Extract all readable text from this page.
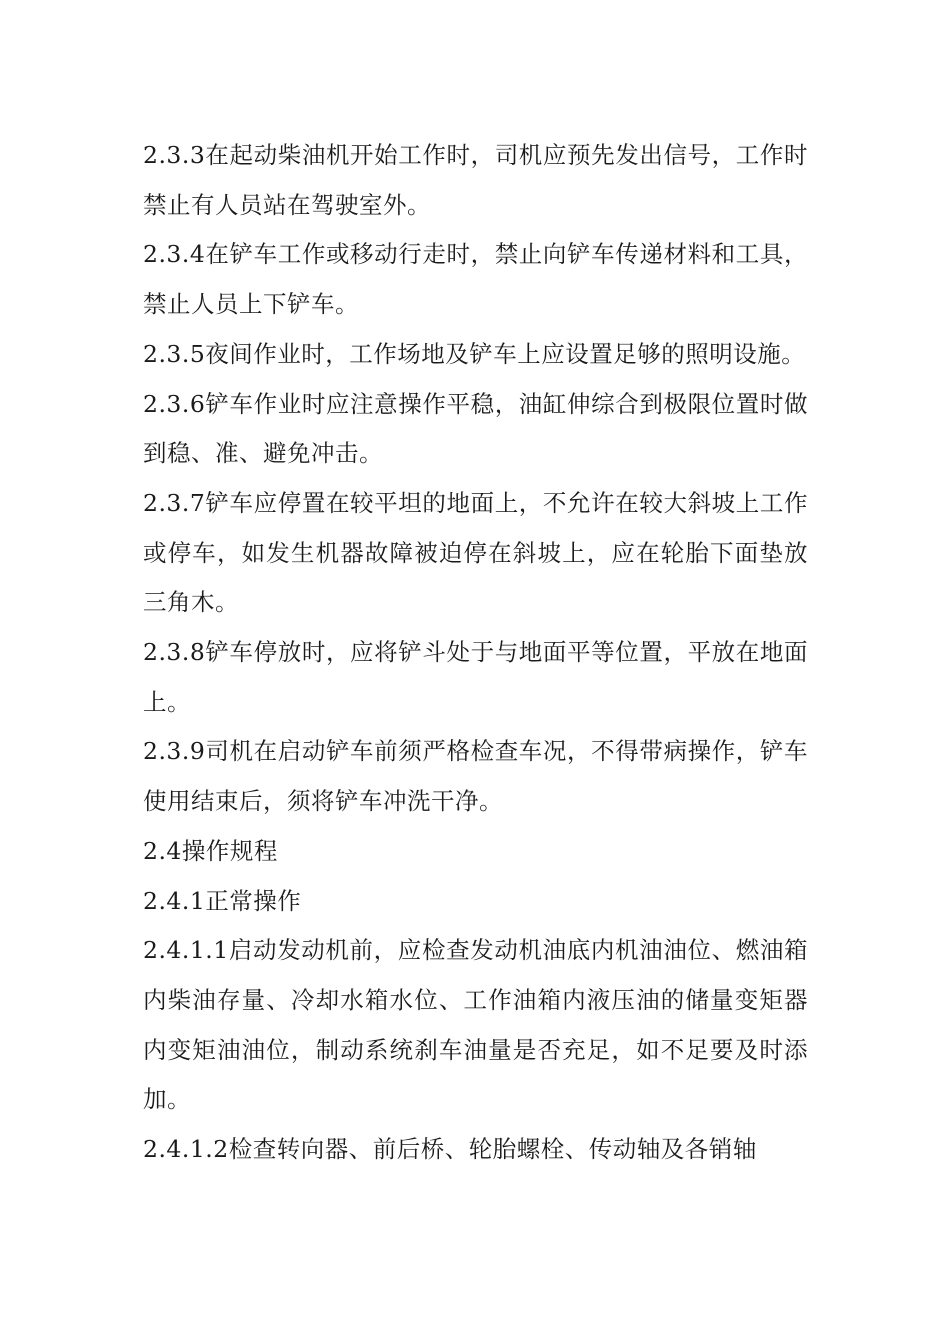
2.3.3在起动柴油机开始工作时，司机应预先发出信号，工作时禁止有人员站在驾驶室外。

2.3.4在铲车工作或移动行走时，禁止向铲车传递材料和工具，禁止人员上下铲车。

2.3.5夜间作业时，工作场地及铲车上应设置足够的照明设施。

2.3.6铲车作业时应注意操作平稳，油缸伸综合到极限位置时做到稳、准、避免冲击。

2.3.7铲车应停置在较平坦的地面上，不允许在较大斜坡上工作或停车，如发生机器故障被迫停在斜坡上，应在轮胎下面垫放三角木。

2.3.8铲车停放时，应将铲斗处于与地面平等位置，平放在地面上。

2.3.9司机在启动铲车前须严格检查车况，不得带病操作，铲车使用结束后，须将铲车冲洗干净。

2.4操作规程

2.4.1正常操作

2.4.1.1启动发动机前，应检查发动机油底内机油油位、燃油箱内柴油存量、冷却水箱水位、工作油箱内液压油的储量变矩器内变矩油油位，制动系统刹车油量是否充足，如不足要及时添加。

2.4.1.2检查转向器、前后桥、轮胎螺栓、传动轴及各销轴
